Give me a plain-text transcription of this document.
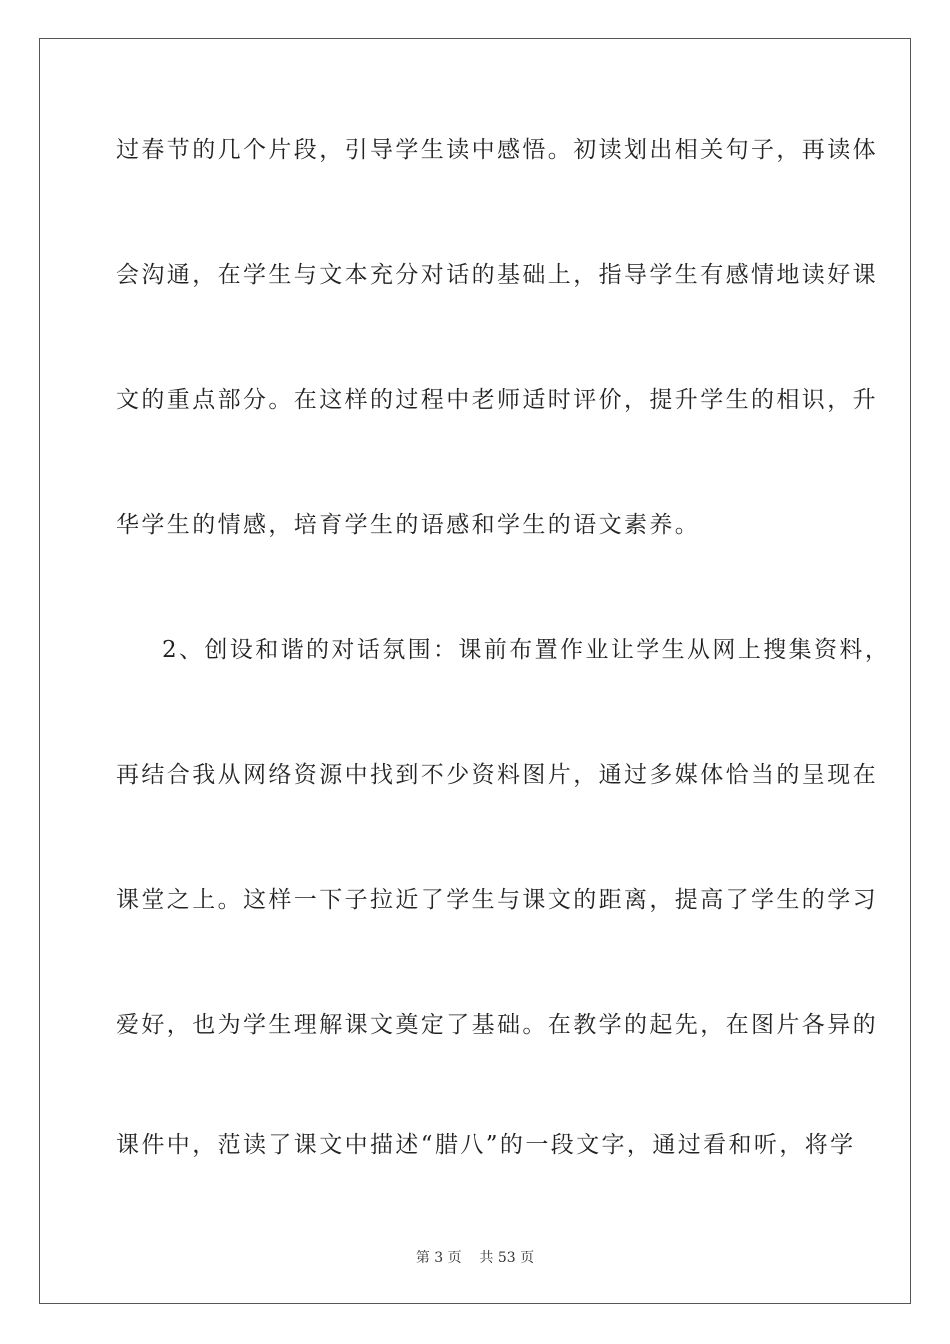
过春节的几个片段，引导学生读中感悟。初读划出相关句子，再读体
会沟通，在学生与文本充分对话的基础上，指导学生有感情地读好课
文的重点部分。在这样的过程中老师适时评价，提升学生的相识，升
华学生的情感，培育学生的语感和学生的语文素养。
2、创设和谐的对话氛围：课前布置作业让学生从网上搜集资料，
再结合我从网络资源中找到不少资料图片，通过多媒体恰当的呈现在
课堂之上。这样一下子拉近了学生与课文的距离，提高了学生的学习
爱好，也为学生理解课文奠定了基础。在教学的起先，在图片各异的
课件中，范读了课文中描述“腊八”的一段文字，通过看和听，将学
第 3 页    共 53 页
